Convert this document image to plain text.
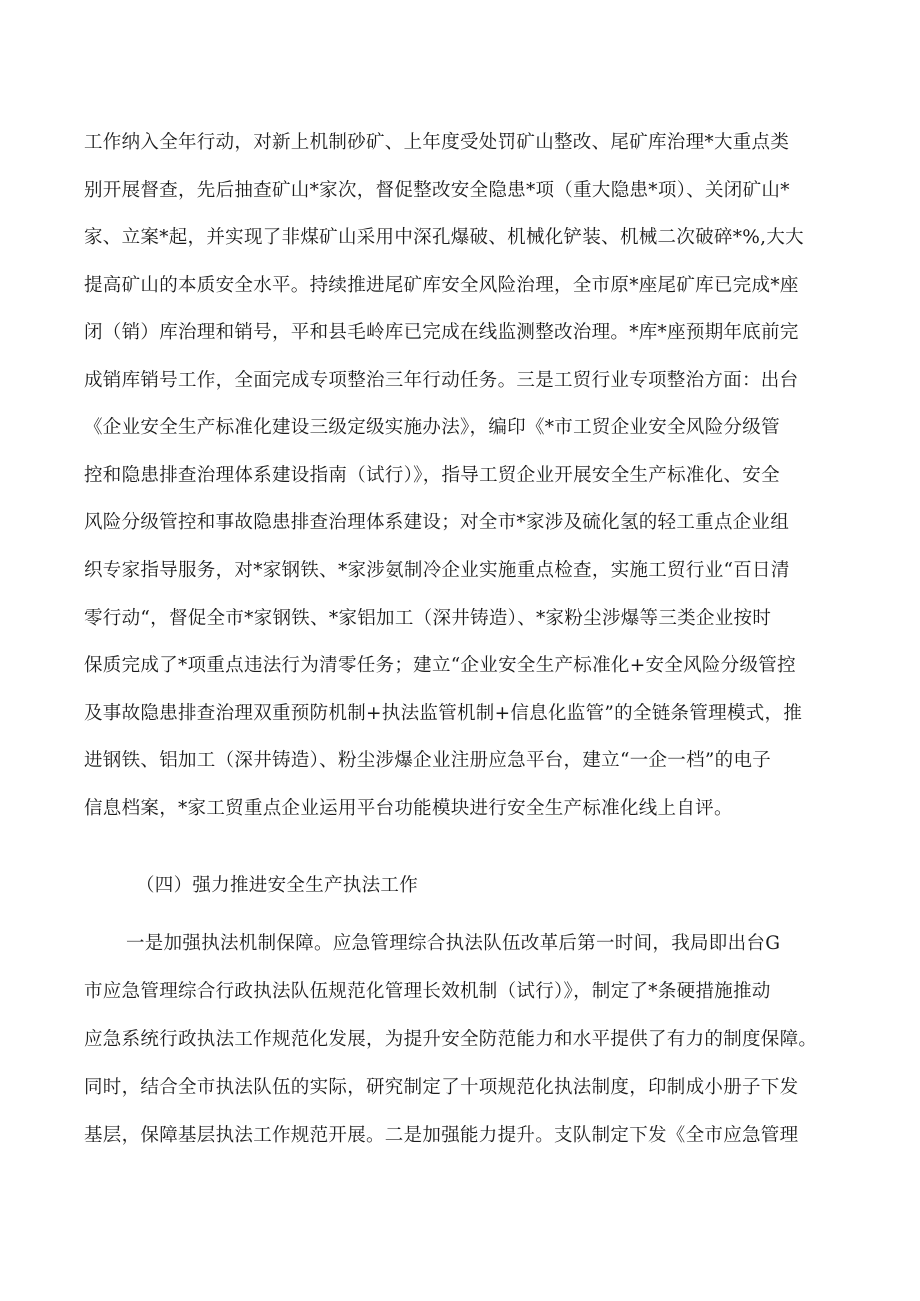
工作纳入全年行动，对新上机制砂矿、上年度受处罚矿山整改、尾矿库治理*大重点类
别开展督查，先后抽查矿山*家次，督促整改安全隐患*项（重大隐患*项）、关闭矿山*
家、立案*起，并实现了非煤矿山采用中深孔爆破、机械化铲装、机械二次破碎*%,大大
提高矿山的本质安全水平。持续推进尾矿库安全风险治理，全市原*座尾矿库已完成*座
闭（销）库治理和销号，平和县毛岭库已完成在线监测整改治理。*库*座预期年底前完
成销库销号工作，全面完成专项整治三年行动任务。三是工贸行业专项整治方面：出台
《企业安全生产标准化建设三级定级实施办法》，编印《*市工贸企业安全风险分级管
控和隐患排查治理体系建设指南（试行）》，指导工贸企业开展安全生产标准化、安全
风险分级管控和事故隐患排查治理体系建设；对全市*家涉及硫化氢的轻工重点企业组
织专家指导服务，对*家钢铁、*家涉氨制冷企业实施重点检查，实施工贸行业“百日清
零行动“，督促全市*家钢铁、*家铝加工（深井铸造）、*家粉尘涉爆等三类企业按时
保质完成了*项重点违法行为清零任务；建立“企业安全生产标准化+安全风险分级管控
及事故隐患排查治理双重预防机制+执法监管机制+信息化监管”的全链条管理模式，推
进钢铁、铝加工（深井铸造）、粉尘涉爆企业注册应急平台，建立“一企一档”的电子
信息档案，*家工贸重点企业运用平台功能模块进行安全生产标准化线上自评。
（四）强力推进安全生产执法工作
一是加强执法机制保障。应急管理综合执法队伍改革后第一时间，我局即出台G
市应急管理综合行政执法队伍规范化管理长效机制（试行）》，制定了*条硬措施推动
应急系统行政执法工作规范化发展，为提升安全防范能力和水平提供了有力的制度保障。
同时，结合全市执法队伍的实际，研究制定了十项规范化执法制度，印制成小册子下发
基层，保障基层执法工作规范开展。二是加强能力提升。支队制定下发《全市应急管理
